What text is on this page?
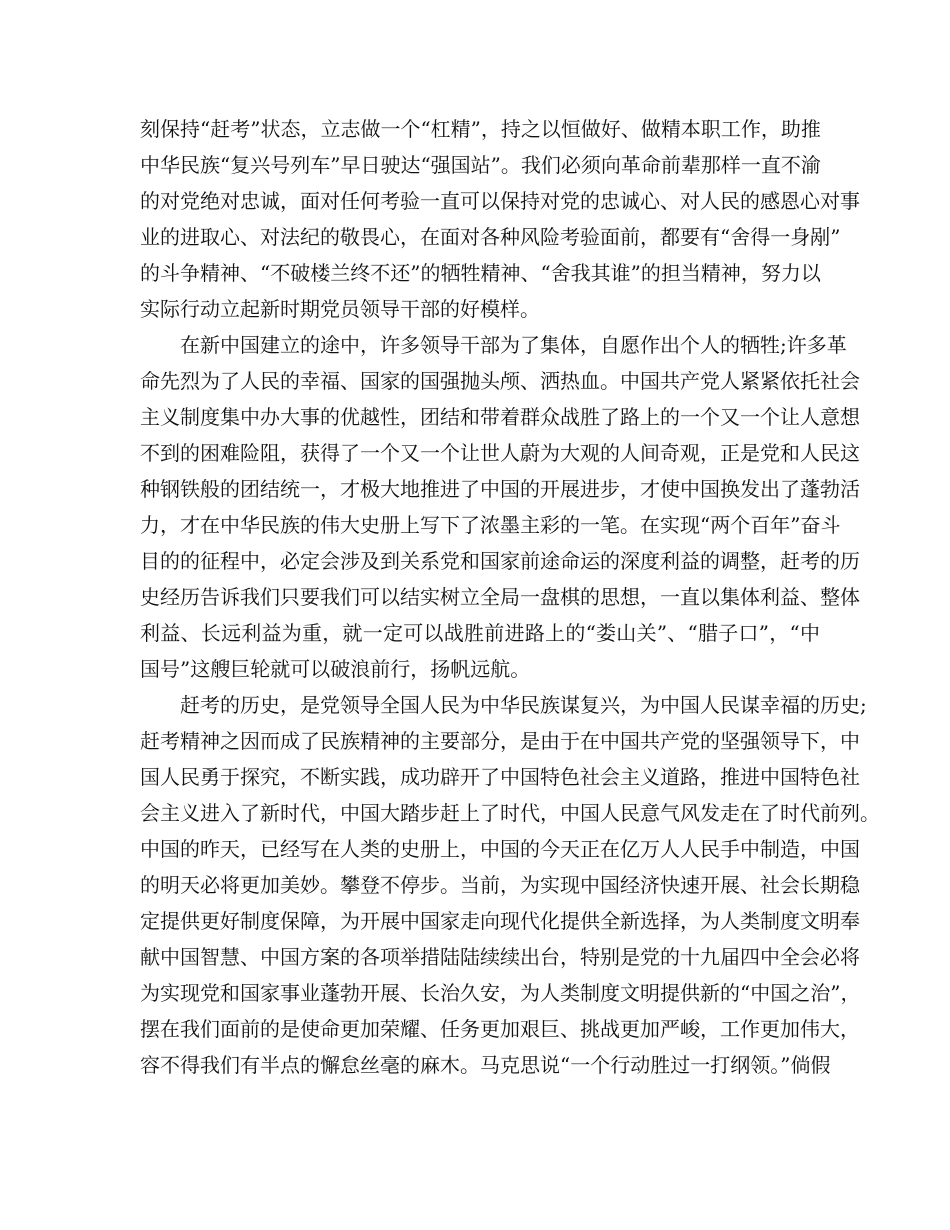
刻保持“赶考”状态，立志做一个“杠精”，持之以恒做好、做精本职工作，助推
中华民族“复兴号列车”早日驶达“强国站”。我们必须向革命前辈那样一直不渝
的对党绝对忠诚，面对任何考验一直可以保持对党的忠诚心、对人民的感恩心对事
业的进取心、对法纪的敬畏心，在面对各种风险考验面前，都要有“舍得一身剐”
的斗争精神、“不破楼兰终不还”的牺牲精神、“舍我其谁”的担当精神，努力以
实际行动立起新时期党员领导干部的好模样。
在新中国建立的途中，许多领导干部为了集体，自愿作出个人的牺牲;许多革
命先烈为了人民的幸福、国家的国强抛头颅、洒热血。中国共产党人紧紧依托社会
主义制度集中办大事的优越性，团结和带着群众战胜了路上的一个又一个让人意想
不到的困难险阻，获得了一个又一个让世人蔚为大观的人间奇观，正是党和人民这
种钢铁般的团结统一，才极大地推进了中国的开展进步，才使中国换发出了蓬勃活
力，才在中华民族的伟大史册上写下了浓墨主彩的一笔。在实现“两个百年”奋斗
目的的征程中，必定会涉及到关系党和国家前途命运的深度利益的调整，赶考的历
史经历告诉我们只要我们可以结实树立全局一盘棋的思想，一直以集体利益、整体
利益、长远利益为重，就一定可以战胜前进路上的“娄山关”、“腊子口”，“中
国号”这艘巨轮就可以破浪前行，扬帆远航。
赶考的历史，是党领导全国人民为中华民族谋复兴，为中国人民谋幸福的历史;
赶考精神之因而成了民族精神的主要部分，是由于在中国共产党的坚强领导下，中
国人民勇于探究，不断实践，成功辟开了中国特色社会主义道路，推进中国特色社
会主义进入了新时代，中国大踏步赶上了时代，中国人民意气风发走在了时代前列。
中国的昨天，已经写在人类的史册上，中国的今天正在亿万人人民手中制造，中国
的明天必将更加美妙。攀登不停步。当前，为实现中国经济快速开展、社会长期稳
定提供更好制度保障，为开展中国家走向现代化提供全新选择，为人类制度文明奉
献中国智慧、中国方案的各项举措陆陆续续出台，特别是党的十九届四中全会必将
为实现党和国家事业蓬勃开展、长治久安，为人类制度文明提供新的“中国之治”，
摆在我们面前的是使命更加荣耀、任务更加艰巨、挑战更加严峻，工作更加伟大，
容不得我们有半点的懈怠丝毫的麻木。马克思说“一个行动胜过一打纲领。”倘假
